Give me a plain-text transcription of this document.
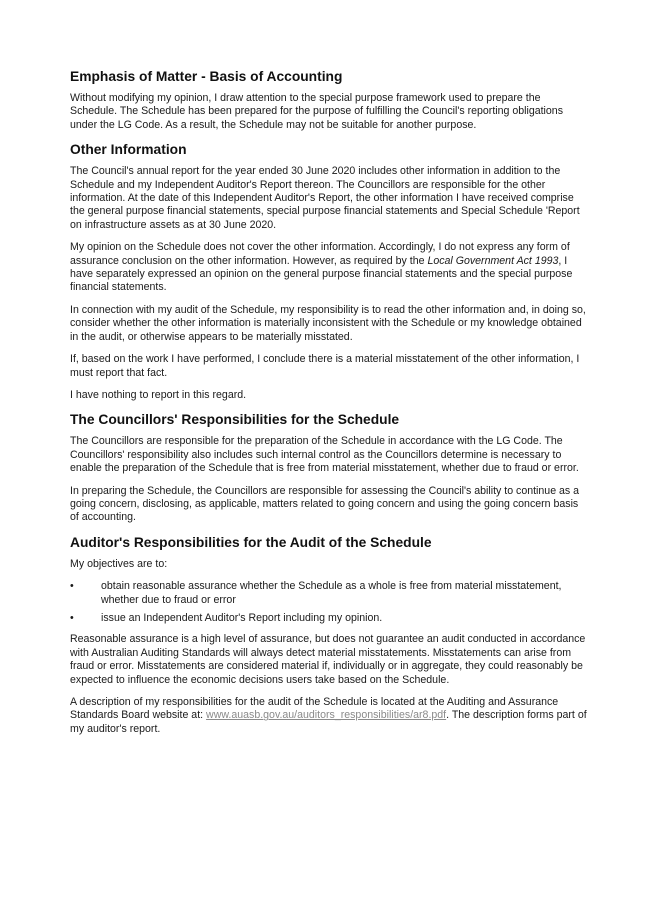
Emphasis of Matter - Basis of Accounting

Without modifying my opinion, I draw attention to the special purpose framework used to prepare the Schedule. The Schedule has been prepared for the purpose of fulfilling the Council's reporting obligations under the LG Code. As a result, the Schedule may not be suitable for another purpose.

Other Information

The Council's annual report for the year ended 30 June 2020 includes other information in addition to the Schedule and my Independent Auditor's Report thereon. The Councillors are responsible for the other information. At the date of this Independent Auditor's Report, the other information I have received comprise the general purpose financial statements, special purpose financial statements and Special Schedule 'Report on infrastructure assets as at 30 June 2020.

My opinion on the Schedule does not cover the other information. Accordingly, I do not express any form of assurance conclusion on the other information. However, as required by the Local Government Act 1993, I have separately expressed an opinion on the general purpose financial statements and the special purpose financial statements.

In connection with my audit of the Schedule, my responsibility is to read the other information and, in doing so, consider whether the other information is materially inconsistent with the Schedule or my knowledge obtained in the audit, or otherwise appears to be materially misstated.

If, based on the work I have performed, I conclude there is a material misstatement of the other information, I must report that fact.

I have nothing to report in this regard.

The Councillors' Responsibilities for the Schedule

The Councillors are responsible for the preparation of the Schedule in accordance with the LG Code. The Councillors' responsibility also includes such internal control as the Councillors determine is necessary to enable the preparation of the Schedule that is free from material misstatement, whether due to fraud or error.

In preparing the Schedule, the Councillors are responsible for assessing the Council's ability to continue as a going concern, disclosing, as applicable, matters related to going concern and using the going concern basis of accounting.

Auditor's Responsibilities for the Audit of the Schedule

My objectives are to:

•	obtain reasonable assurance whether the Schedule as a whole is free from material misstatement, whether due to fraud or error
•	issue an Independent Auditor's Report including my opinion.

Reasonable assurance is a high level of assurance, but does not guarantee an audit conducted in accordance with Australian Auditing Standards will always detect material misstatements. Misstatements can arise from fraud or error. Misstatements are considered material if, individually or in aggregate, they could reasonably be expected to influence the economic decisions users take based on the Schedule.

A description of my responsibilities for the audit of the Schedule is located at the Auditing and Assurance Standards Board website at: www.auasb.gov.au/auditors_responsibilities/ar8.pdf. The description forms part of my auditor's report.
